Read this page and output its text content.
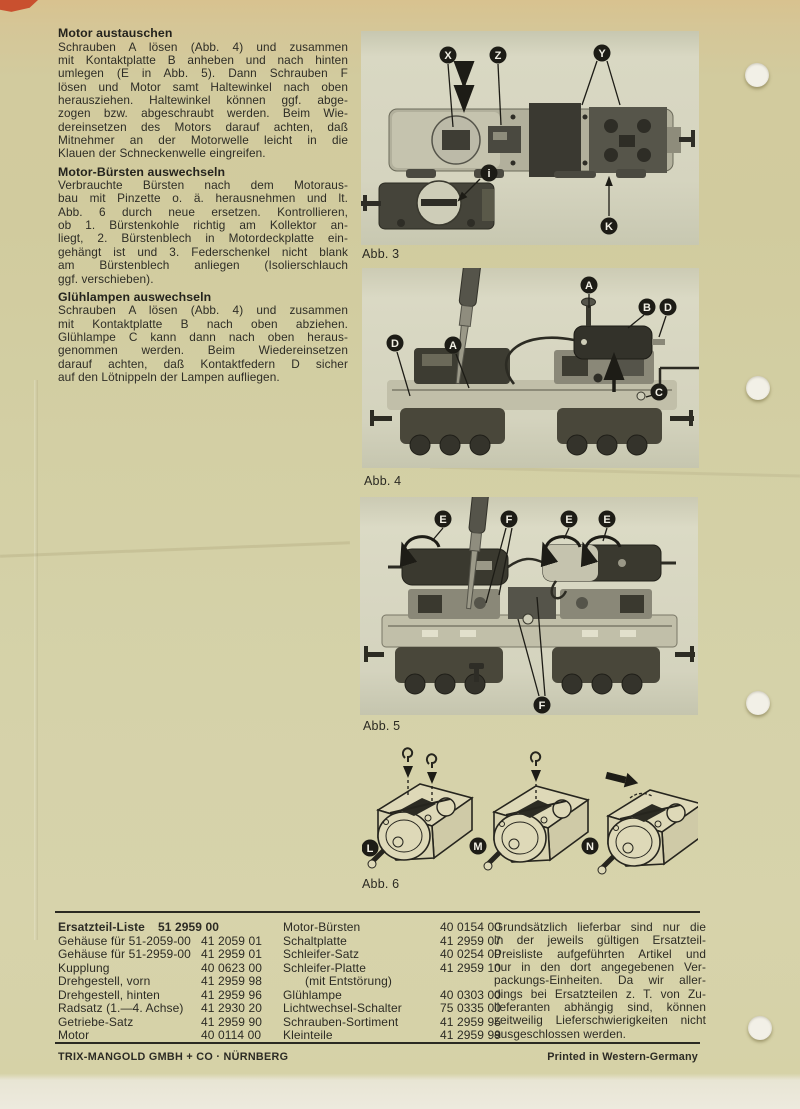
Motor austauschen
Schrauben A lösen (Abb. 4) und zusammen
mit Kontaktplatte B anheben und nach hinten
umlegen (E in Abb. 5). Dann Schrauben F
lösen und Motor samt Haltewinkel nach oben
herausziehen. Haltewinkel können ggf. abge-
zogen bzw. abgeschraubt werden. Beim Wie-
dereinsetzen des Motors darauf achten, daß
Mitnehmer an der Motorwelle leicht in die
Klauen der Schneckenwelle eingreifen.
Motor-Bürsten auswechseln
Verbrauchte Bürsten nach dem Motoraus-
bau mit Pinzette o. ä. herausnehmen und lt.
Abb. 6 durch neue ersetzen. Kontrollieren,
ob 1. Bürstenkohle richtig am Kollektor an-
liegt, 2. Bürstenblech in Motordeckplatte ein-
gehängt ist und 3. Federschenkel nicht blank
am Bürstenblech anliegen (Isolierschlauch
ggf. verschieben).
Glühlampen auswechseln
Schrauben A lösen (Abb. 4) und zusammen
mit Kontaktplatte B nach oben abziehen.
Glühlampe C kann dann nach oben heraus-
genommen werden. Beim Wiedereinsetzen
darauf achten, daß Kontaktfedern D sicher
auf den Lötnippeln der Lampen aufliegen.
X	Z	Y
i
K
Abb. 3
A
B D
D	A
C
Abb. 4
E	F	E	E
F
Abb. 5
L	M	N
Abb. 6
Ersatzteil-Liste 51 2959 00
Gehäuse für 51-2059-00 41 2059 01
Gehäuse für 51-2959-00 41 2959 01
Kupplung	40 0623 00
Drehgestell, vorn	41 2959 98
Drehgestell, hinten	41 2959 96
Radsatz (1.—4. Achse) 41 2930 20
Getriebe-Satz	41 2959 90
Motor	40 0114 00
Motor-Bürsten	40 0154 00
Schaltplatte	41 2959 07
Schleifer-Satz	40 0254 00
Schleifer-Platte	41 2959 10
(mit Entstörung)
Glühlampe	40 0303 00
Lichtwechsel-Schalter	75 0335 00
Schrauben-Sortiment	41 2959 95
Kleinteile	41 2959 99
Grundsätzlich lieferbar sind nur die
in der jeweils gültigen Ersatzteil-
Preisliste aufgeführten Artikel und
nur in den dort angegebenen Ver-
packungs-Einheiten. Da wir aller-
dings bei Ersatzteilen z. T. von Zu-
lieferanten abhängig sind, können
zeitweilig Lieferschwierigkeiten nicht
ausgeschlossen werden.
TRIX-MANGOLD GMBH + CO · NÜRNBERG	Printed in Western-Germany
